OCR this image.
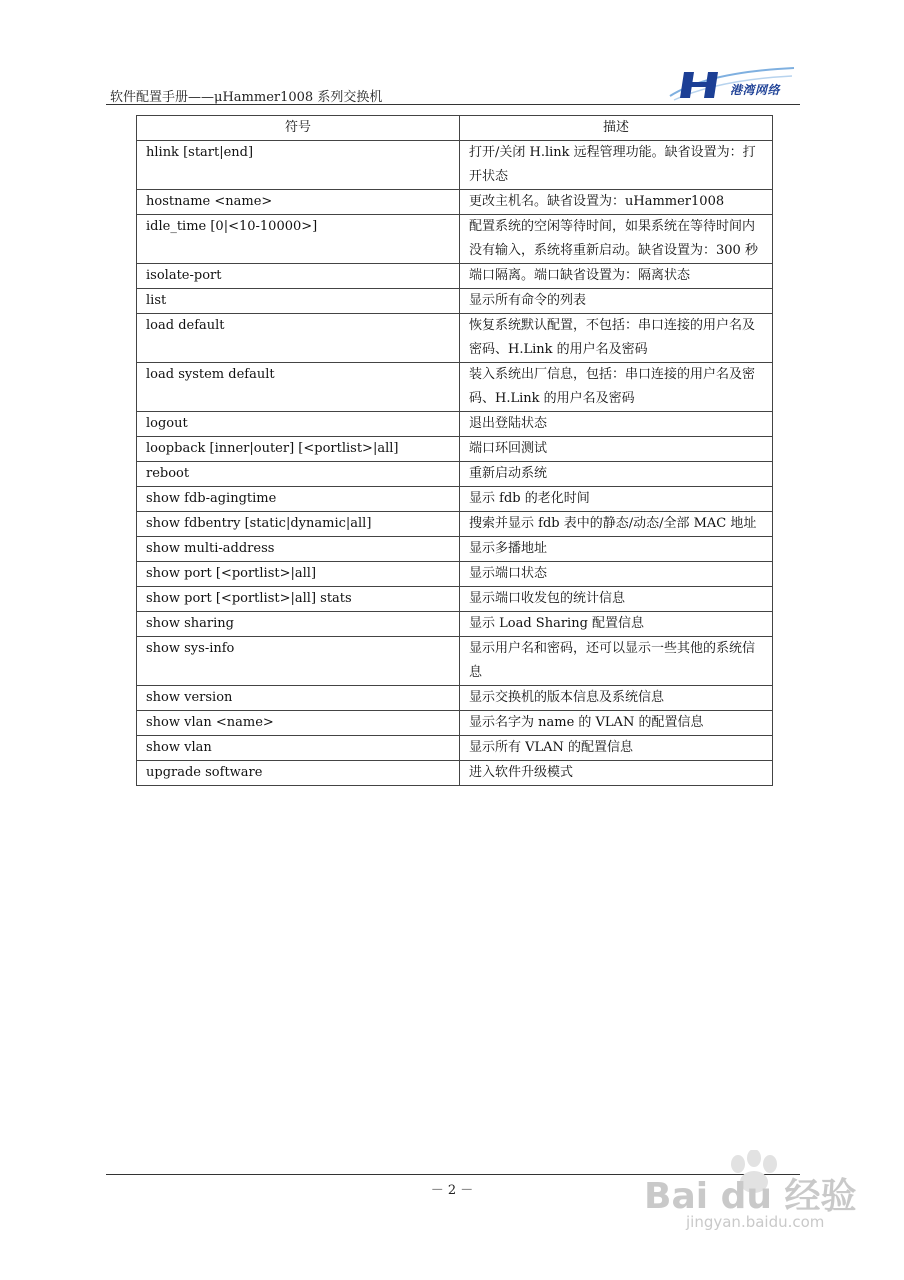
软件配置手册——μHammer1008 系列交换机	港湾网络
符号	描述
hlink [start|end]	打开/关闭 H.link 远程管理功能。缺省设置为：打开状态
hostname <name>	更改主机名。缺省设置为：uHammer1008
idle_time [0|<10-10000>]	配置系统的空闲等待时间，如果系统在等待时间内没有输入，系统将重新启动。缺省设置为：300 秒
isolate-port	端口隔离。端口缺省设置为：隔离状态
list	显示所有命令的列表
load default	恢复系统默认配置，不包括：串口连接的用户名及密码、H.Link 的用户名及密码
load system default	装入系统出厂信息，包括：串口连接的用户名及密码、H.Link 的用户名及密码
logout	退出登陆状态
loopback [inner|outer] [<portlist>|all]	端口环回测试
reboot	重新启动系统
show fdb-agingtime	显示 fdb 的老化时间
show fdbentry [static|dynamic|all]	搜索并显示 fdb 表中的静态/动态/全部 MAC 地址
show multi-address	显示多播地址
show port [<portlist>|all]	显示端口状态
show port [<portlist>|all] stats	显示端口收发包的统计信息
show sharing	显示 Load Sharing 配置信息
show sys-info	显示用户名和密码，还可以显示一些其他的系统信息
show version	显示交换机的版本信息及系统信息
show vlan <name>	显示名字为 name 的 VLAN 的配置信息
show vlan	显示所有 VLAN 的配置信息
upgrade software	进入软件升级模式
－ 2 －	Bai du 经验
jingyan.baidu.com
